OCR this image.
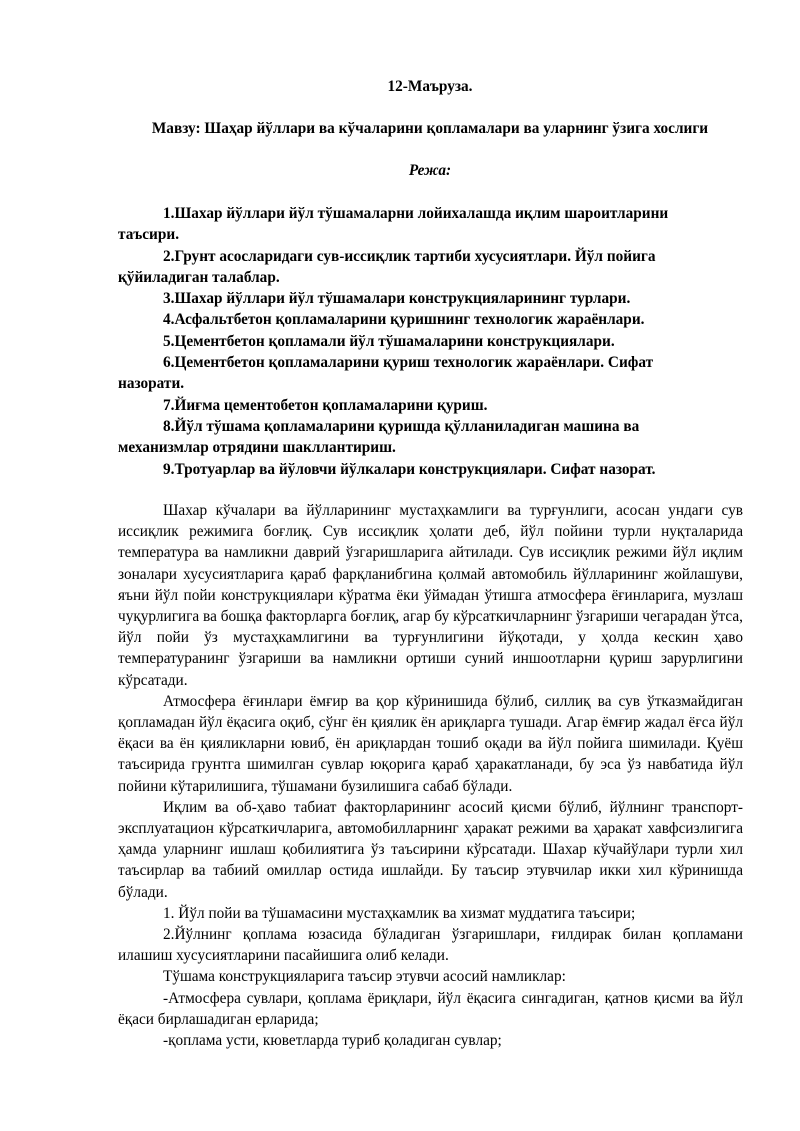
12-Маъруза.
Мавзу: Шаҳар йўллари ва кўчаларини қопламалари ва уларнинг ўзига хослиги
Режа:
1.Шахар йўллари йўл тўшамаларни лойихалашда иқлим шароитларини таъсири.
2.Грунт асосларидаги сув-иссиқлик тартиби хусусиятлари. Йўл пойига қўйиладиган талаблар.
3.Шахар йўллари йўл тўшамалари конструкцияларининг турлари.
4.Асфальтбетон қопламаларини қуришнинг технологик жараёнлари.
5.Цементбетон қопламали йўл тўшамаларини конструкциялари.
6.Цементбетон қопламаларини қуриш технологик жараёнлари. Сифат назорати.
7.Йиғма цементобетон қопламаларини қуриш.
8.Йўл тўшама қопламаларини қуришда қўлланиладиган машина ва механизмлар отрядини шакллантириш.
9.Тротуарлар ва йўловчи йўлкалари конструкциялари. Сифат назорат.

Шахар кўчалари ва йўлларининг мустаҳкамлиги ва турғунлиги, асосан ундаги сув иссиқлик режимига боғлиқ. Сув иссиқлик ҳолати деб, йўл пойини турли нуқталарида температура ва намликни даврий ўзгаришларига айтилади. Сув иссиқлик режими йўл иқлим зоналари хусусиятларига қараб фарқланибгина қолмай автомобиль йўлларининг жойлашуви, яъни йўл пойи конструкциялари кўратма ёки ўймадан ўтишга атмосфера ёғинларига, музлаш чуқурлигига ва бошқа факторларга боғлиқ, агар бу кўрсаткичларнинг ўзгариши чегарадан ўтса, йўл пойи ўз мустаҳкамлигини ва турғунлигини йўқотади, у ҳолда кескин ҳаво температуранинг ўзгариши ва намликни ортиши суний иншоотларни қуриш зарурлигини кўрсатади.

Атмосфера ёғинлари ёмғир ва қор кўринишида бўлиб, силлиқ ва сув ўтказмайдиган қопламадан йўл ёқасига оқиб, сўнг ён қиялик ён ариқларга тушади. Агар ёмғир жадал ёғса йўл ёқаси ва ён қияликларни ювиб, ён ариқлардан тошиб оқади ва йўл пойига шимилади. Қуёш таъсирида грунтга шимилган сувлар юқорига қараб ҳаракатланади, бу эса ўз навбатида йўл пойини кўтарилишига, тўшамани бузилишига сабаб бўлади.

Иқлим ва об-ҳаво табиат факторларининг асосий қисми бўлиб, йўлнинг транспорт-эксплуатацион кўрсаткичларига, автомобилларнинг ҳаракат режими ва ҳаракат хавфсизлигига ҳамда уларнинг ишлаш қобилиятига ўз таъсирини кўрсатади. Шахар кўчайўлари турли хил таъсирлар ва табиий омиллар остида ишлайди. Бу таъсир этувчилар икки хил кўринишда бўлади.

1. Йўл пойи ва тўшамасини мустаҳкамлик ва хизмат муддатига таъсири;

2.Йўлнинг қоплама юзасида бўладиган ўзгаришлари, ғилдирак билан қопламани илашиш хусусиятларини пасайишига олиб келади.

Тўшама конструкцияларига таъсир этувчи асосий намликлар:

-Атмосфера сувлари, қоплама ёриқлари, йўл ёқасига сингадиган, қатнов қисми ва йўл ёқаси бирлашадиган ерларида;

-қоплама усти, кюветларда туриб қоладиган сувлар;
